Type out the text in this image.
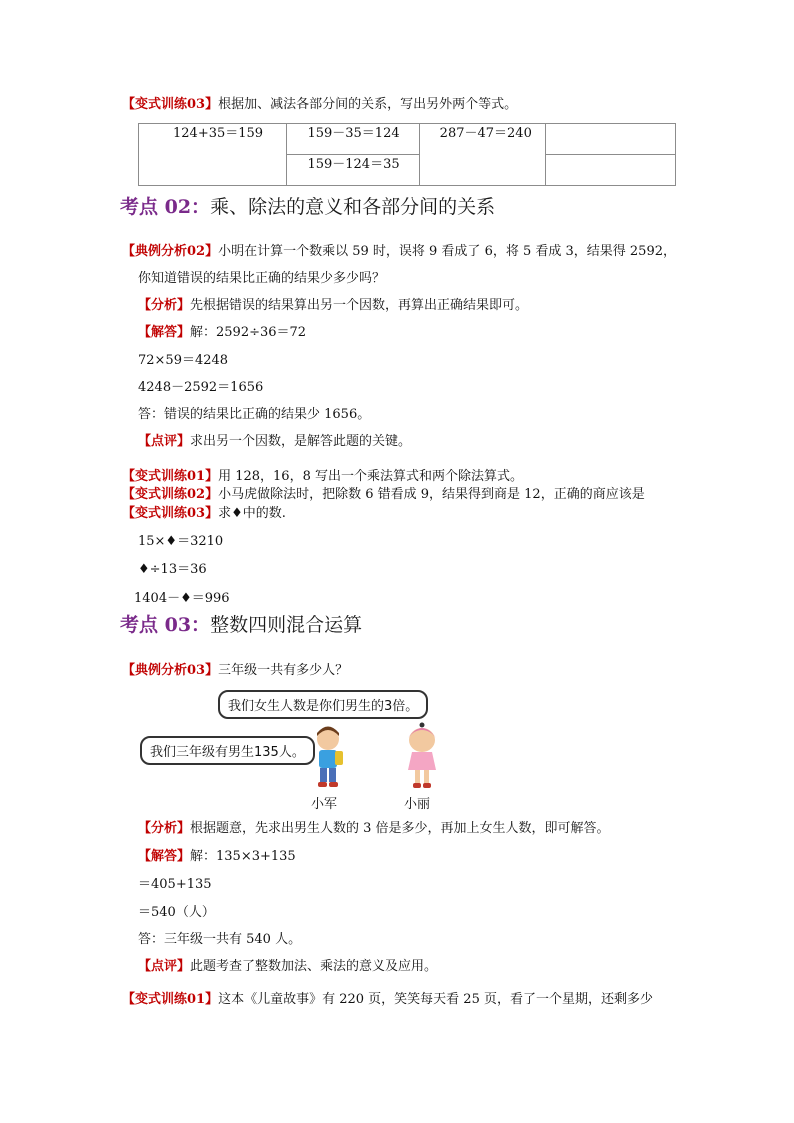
【变式训练03】根据加、减法各部分间的关系，写出另外两个等式。
124+35＝159	159－35＝124	287－47＝240	
	159－124＝35		
考点 02：乘、除法的意义和各部分间的关系
【典例分析02】小明在计算一个数乘以 59 时，误将 9 看成了 6，将 5 看成 3，结果得 2592，
你知道错误的结果比正确的结果少多少吗？
【分析】先根据错误的结果算出另一个因数，再算出正确结果即可。
【解答】解：2592÷36＝72
72×59＝4248
4248－2592＝1656
答：错误的结果比正确的结果少 1656。
【点评】求出另一个因数，是解答此题的关键。
【变式训练01】用 128，16，8 写出一个乘法算式和两个除法算式。
【变式训练02】小马虎做除法时，把除数 6 错看成 9，结果得到商是 12，正确的商应该是
【变式训练03】求♦中的数.
15×♦＝3210
♦÷13＝36
1404－♦＝996
考点 03：整数四则混合运算
【典例分析03】三年级一共有多少人？
我们女生人数是你们男生的3倍。
我们三年级有男生135人。
小军	小丽
【分析】根据题意，先求出男生人数的 3 倍是多少，再加上女生人数，即可解答。
【解答】解：135×3+135
＝405+135
＝540（人）
答：三年级一共有 540 人。
【点评】此题考查了整数加法、乘法的意义及应用。
【变式训练01】这本《儿童故事》有 220 页，笑笑每天看 25 页，看了一个星期，还剩多少
